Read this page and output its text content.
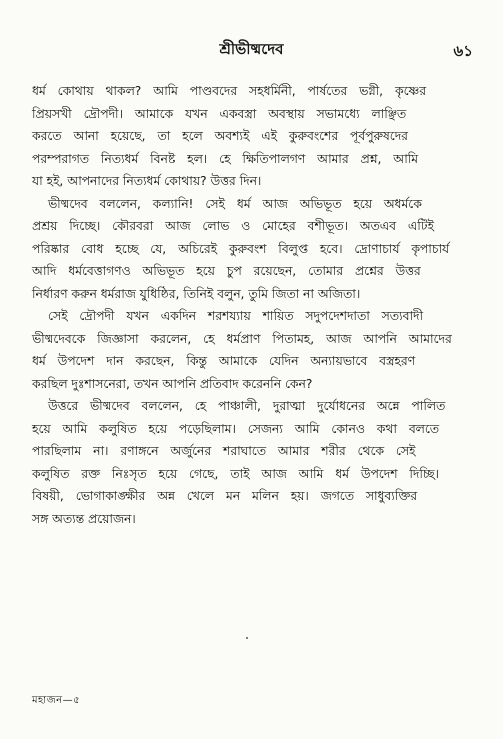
শ্রীভীষ্মদেব	৬১
ধর্ম কোথায় থাকল? আমি পাণ্ডবদের সহধর্মিনী, পার্ষতের ভগ্নী, কৃষ্ণের
প্রিয়সখী দ্রৌপদী। আমাকে যখন একবস্ত্রা অবস্থায় সভামধ্যে লাঞ্ছিত
করতে আনা হয়েছে, তা হলে অবশ্যই এই কুরুবংশের পূর্বপুরুষদের
পরম্পরাগত নিত্যধর্ম বিনষ্ট হল। হে ক্ষিতিপালগণ আমার প্রশ্ন, আমি
যা হই, আপনাদের নিত্যধর্ম কোথায়? উত্তর দিন।
ভীষ্মদেব বললেন, কল্যানি! সেই ধর্ম আজ অভিভূত হয়ে অধর্মকে
প্রশ্রয় দিচ্ছে। কৌরবরা আজ লোভ ও মোহের বশীভূত। অতএব এটিই
পরিষ্কার বোধ হচ্ছে যে, অচিরেই কুরুবংশ বিলুপ্ত হবে। দ্রোণাচার্য কৃপাচার্য
আদি ধর্মবেত্তাগণও অভিভূত হয়ে চুপ রয়েছেন, তোমার প্রশ্নের উত্তর
নির্ধারণ করুন ধর্মরাজ যুধিষ্ঠির, তিনিই বলুন, তুমি জিতা না অজিতা।
সেই দ্রৌপদী যখন একদিন শরশয্যায় শায়িত সদুপদেশদাতা সত্যবাদী
ভীষ্মদেবকে জিজ্ঞাসা করলেন, হে ধর্মপ্রাণ পিতামহ, আজ আপনি আমাদের
ধর্ম উপদেশ দান করছেন, কিন্তু আমাকে যেদিন অন্যায়ভাবে বস্ত্রহরণ
করছিল দুঃশাসনেরা, তখন আপনি প্রতিবাদ করেননি কেন?
উত্তরে ভীষ্মদেব বললেন, হে পাঞ্চালী, দুরাত্মা দুর্যোধনের অন্নে পালিত
হয়ে আমি কলুষিত হয়ে পড়েছিলাম। সেজন্য আমি কোনও কথা বলতে
পারছিলাম না। রণাঙ্গনে অর্জুনের শরাঘাতে আমার শরীর থেকে সেই
কলুষিত রক্ত নিঃসৃত হয়ে গেছে, তাই আজ আমি ধর্ম উপদেশ দিচ্ছি।
বিষয়ী, ভোগাকাঙ্ক্ষীর অন্ন খেলে মন মলিন হয়। জগতে সাধুব্যক্তির
সঙ্গ অত্যন্ত প্রয়োজন।
মহাজন—৫
